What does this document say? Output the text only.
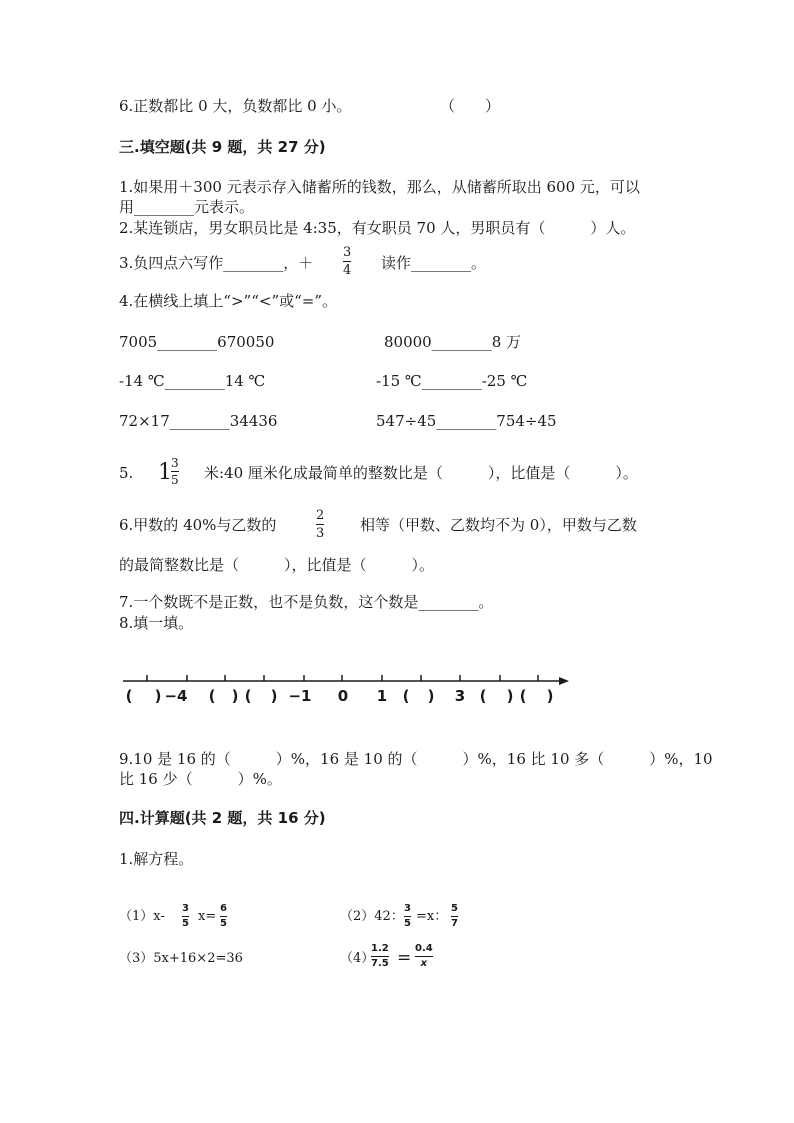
6.正数都比 0 大，负数都比 0 小。	（　　）
三.填空题(共 9 题，共 27 分)
1.如果用＋300 元表示存入储蓄所的钱数，那么，从储蓄所取出 600 元，可以
用________元表示。
2.某连锁店，男女职员比是 4:35，有女职员 70 人，男职员有（　　　）人。
3.负四点六写作________，＋
3
4 读作________。
4.在横线上填上“>”“<”或“=”。
7005________670050	80000________8 万
-14 ℃________14 ℃	-15 ℃________-25 ℃
72×17________34436	547÷45________754÷45
5. 1 3
5 米:40 厘米化成最简单的整数比是（　　　），比值是（　　　）。
6.甲数的 40%与乙数的
2
3 相等（甲数、乙数均不为 0），甲数与乙数
的最简整数比是（　　　），比值是（　　　）。
7.一个数既不是正数，也不是负数，这个数是________。
8.填一填。
( ) −4 ( ) ( ) −1 0 1 ( ) 3 ( ) ( )
9.10 是 16 的（　　　）%，16 是 10 的（　　　）%，16 比 10 多（　　　）%，10
比 16 少（　　　）%。
四.计算题(共 2 题，共 16 分)
1.解方程。
（1）x-
3
5 x=
6
5	（2）42：
3
5 =x：
5
7
（3）5x+16×2=36	（4）
1.2
7.5 = 0.4
x
